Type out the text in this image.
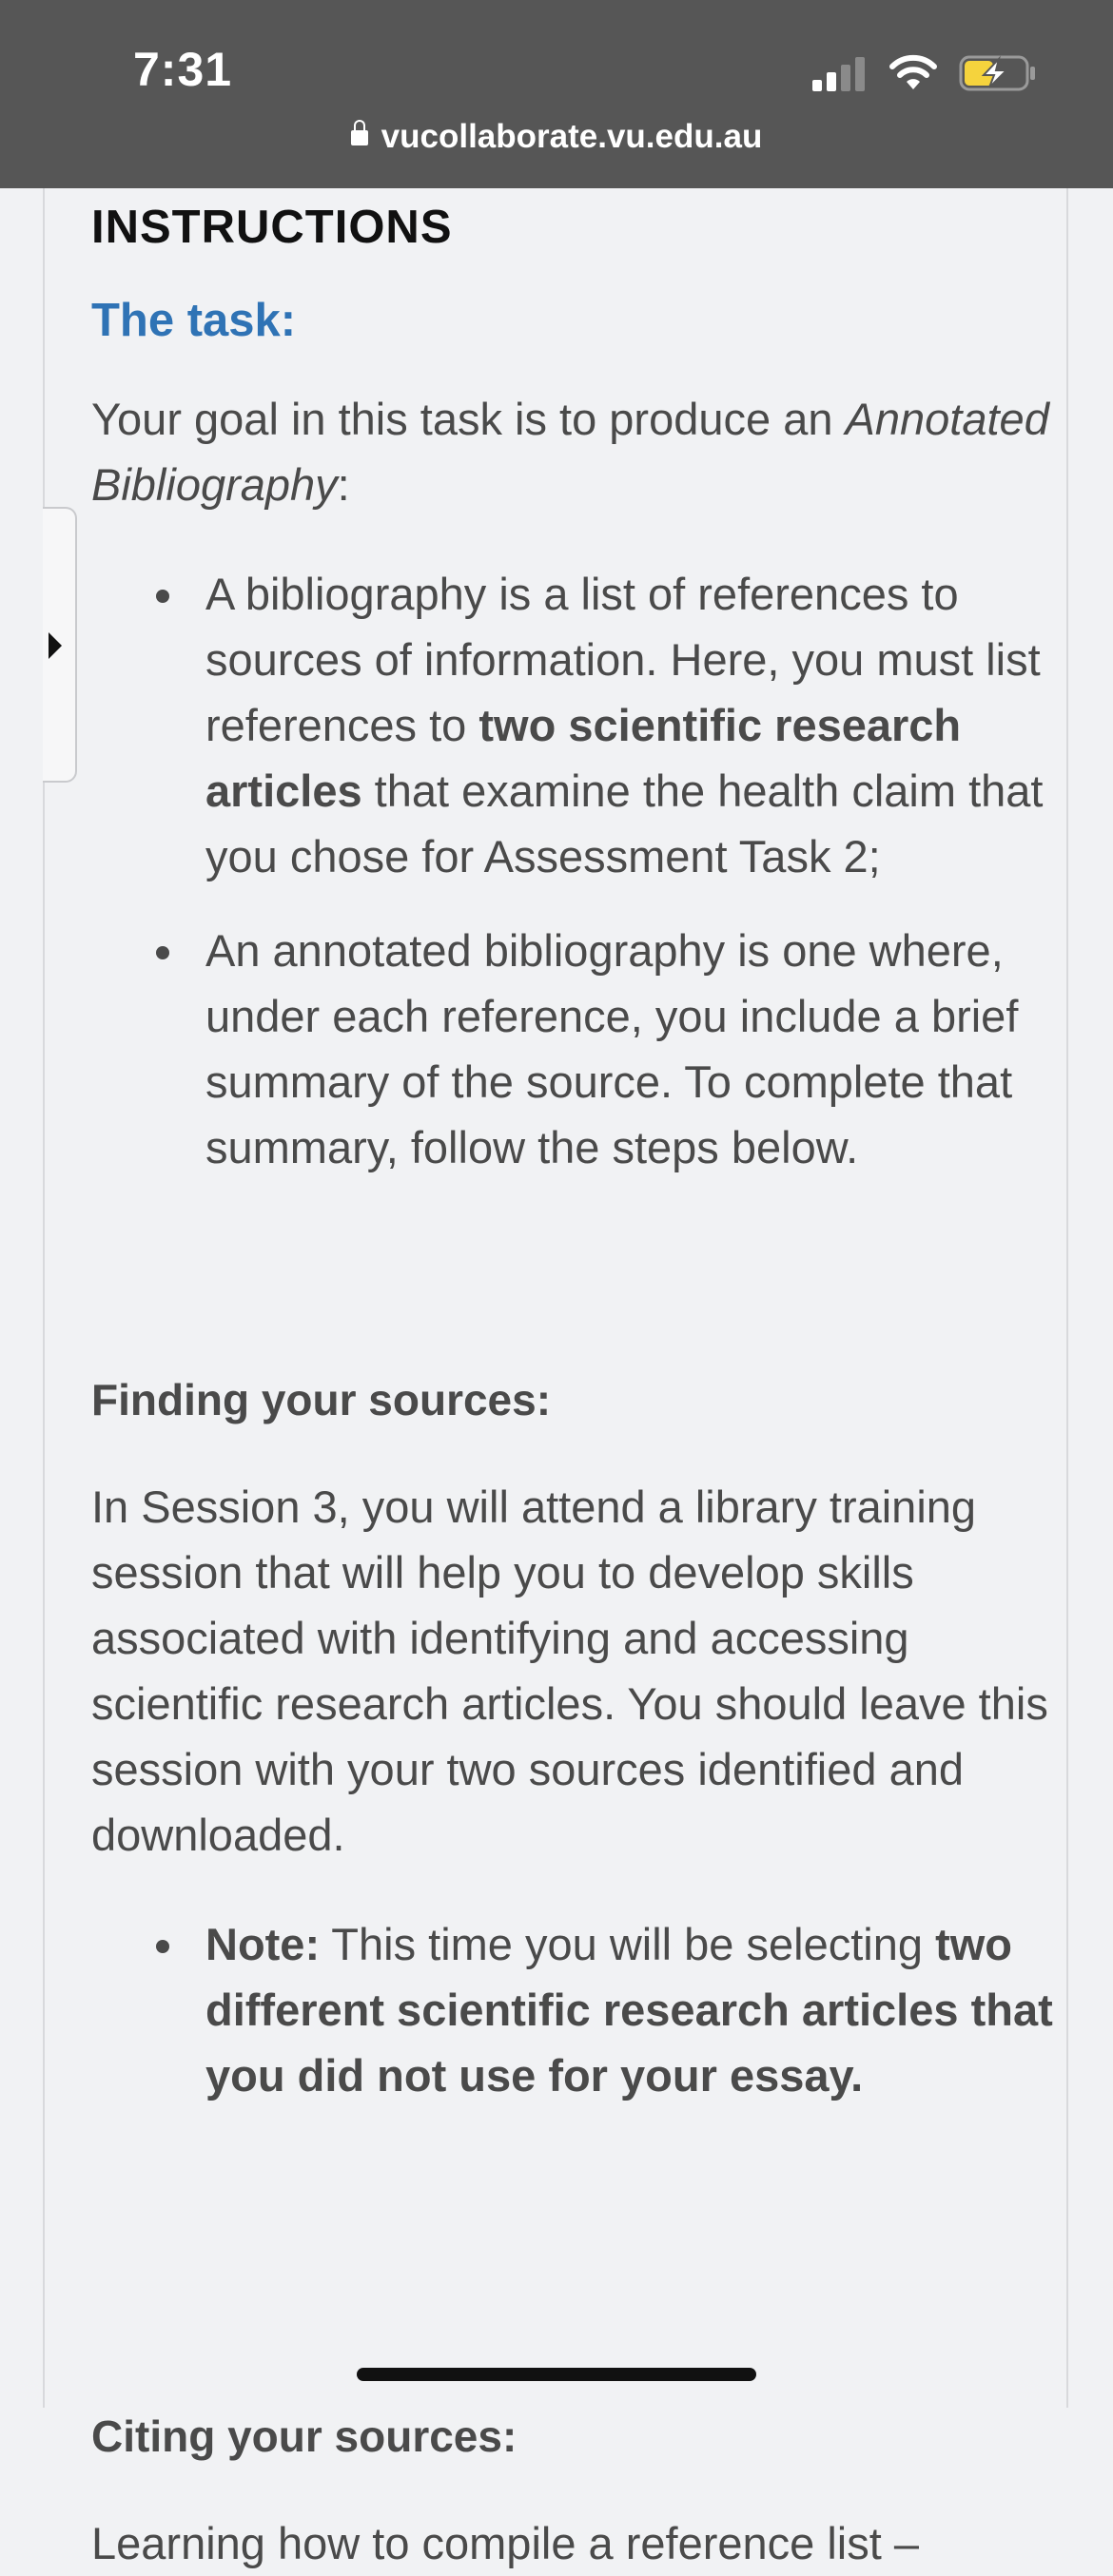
7:31
vucollaborate.vu.edu.au
INSTRUCTIONS
The task:

Your goal in this task is to produce an Annotated Bibliography:

A bibliography is a list of references to sources of information. Here, you must list references to two scientific research articles that examine the health claim that you chose for Assessment Task 2;
An annotated bibliography is one where, under each reference, you include a brief summary of the source. To complete that summary, follow the steps below.
Finding your sources:

In Session 3, you will attend a library training session that will help you to develop skills associated with identifying and accessing scientific research articles. You should leave this session with your two sources identified and downloaded.

Note: This time you will be selecting two different scientific research articles that you did not use for your essay.
Citing your sources:

Learning how to compile a reference list –
